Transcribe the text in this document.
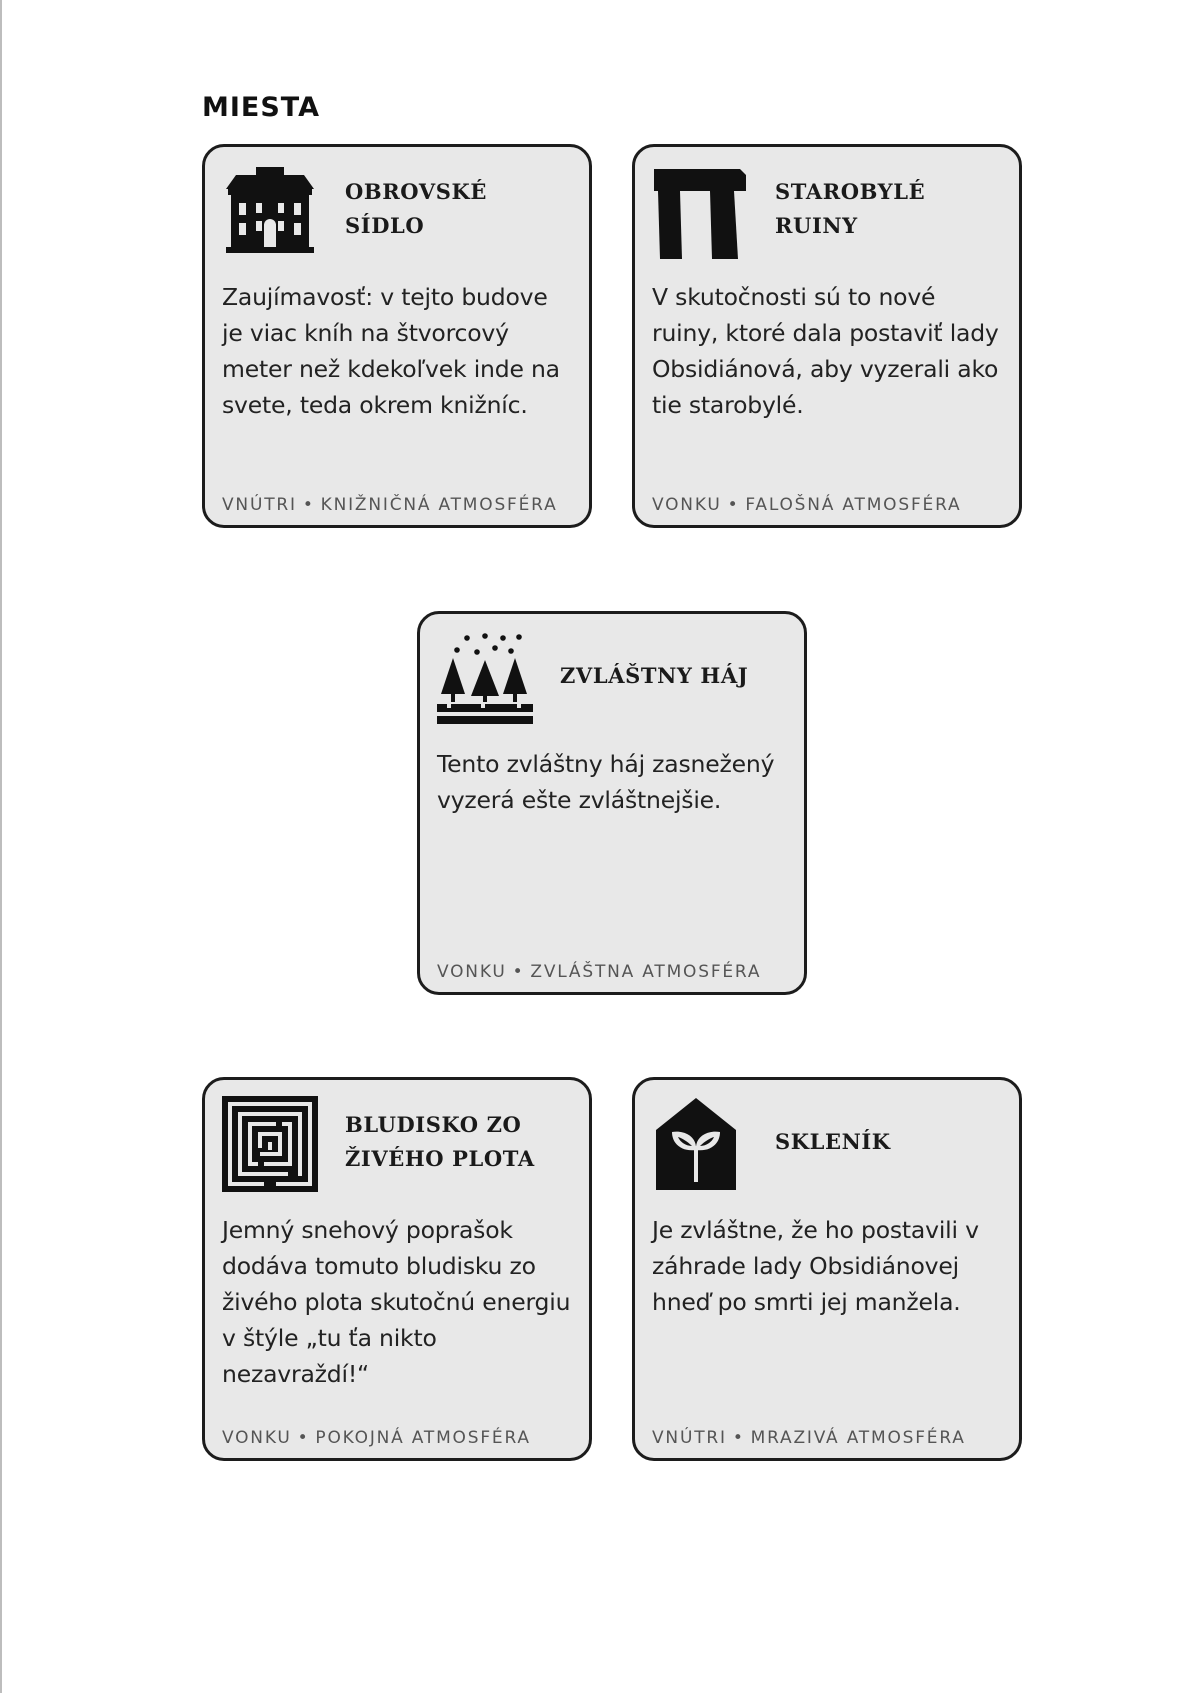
MIESTA
OBROVSKÉ SÍDLO
Zaujímavosť: v tejto budove je viac kníh na štvorcový meter než kdekoľvek inde na svete, teda okrem knižníc.
VNÚTRI • KNIŽNIČNÁ ATMOSFÉRA
STAROBYLÉ RUINY
V skutočnosti sú to nové ruiny, ktoré dala postaviť lady Obsidiánová, aby vyzerali ako tie starobylé.
VONKU • FALOŠNÁ ATMOSFÉRA
ZVLÁŠTNY HÁJ
Tento zvláštny háj zasnežený vyzerá ešte zvláštnejšie.
VONKU • ZVLÁŠTNA ATMOSFÉRA
BLUDISKO ZO
ŽIVÉHO PLOTA
Jemný snehový poprašok dodáva tomuto bludisku zo živého plota skutočnú energiu v štýle „tu ťa nikto nezavraždí!“
VONKU • POKOJNÁ ATMOSFÉRA
SKLENÍK
Je zvláštne, že ho postavili v záhrade lady Obsidiánovej hneď po smrti jej manžela.
VNÚTRI • MRAZIVÁ ATMOSFÉRA
